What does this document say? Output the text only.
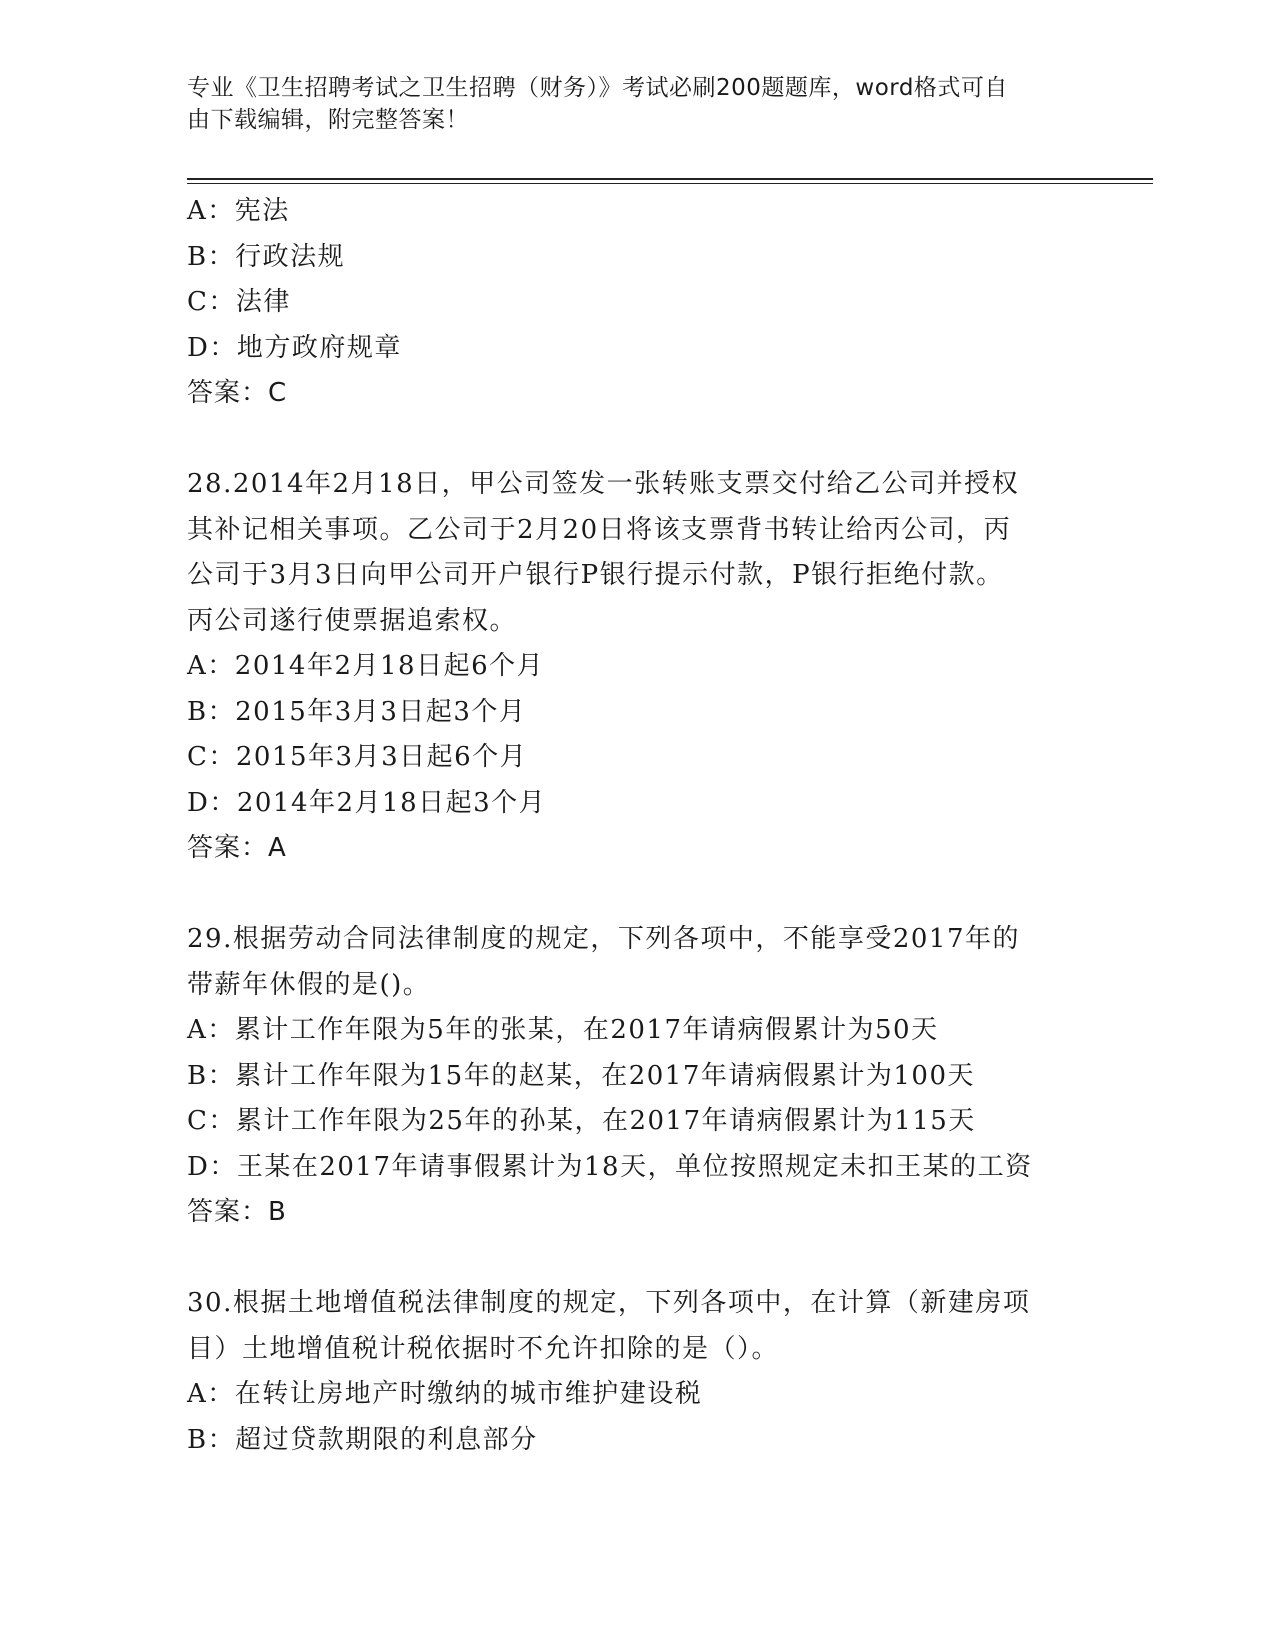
专业《卫生招聘考试之卫生招聘（财务）》考试必刷200题题库，word格式可自
由下载编辑，附完整答案！
A：宪法
B：行政法规
C：法律
D：地方政府规章
答案：C
28.2014年2月18日，甲公司签发一张转账支票交付给乙公司并授权
其补记相关事项。乙公司于2月20日将该支票背书转让给丙公司，丙
公司于3月3日向甲公司开户银行P银行提示付款，P银行拒绝付款。
丙公司遂行使票据追索权。
A：2014年2月18日起6个月
B：2015年3月3日起3个月
C：2015年3月3日起6个月
D：2014年2月18日起3个月
答案：A
29.根据劳动合同法律制度的规定，下列各项中，不能享受2017年的
带薪年休假的是()。
A：累计工作年限为5年的张某，在2017年请病假累计为50天
B：累计工作年限为15年的赵某，在2017年请病假累计为100天
C：累计工作年限为25年的孙某，在2017年请病假累计为115天
D：王某在2017年请事假累计为18天，单位按照规定未扣王某的工资
答案：B
30.根据土地增值税法律制度的规定，下列各项中，在计算（新建房项
目）土地增值税计税依据时不允许扣除的是（）。
A：在转让房地产时缴纳的城市维护建设税
B：超过贷款期限的利息部分
